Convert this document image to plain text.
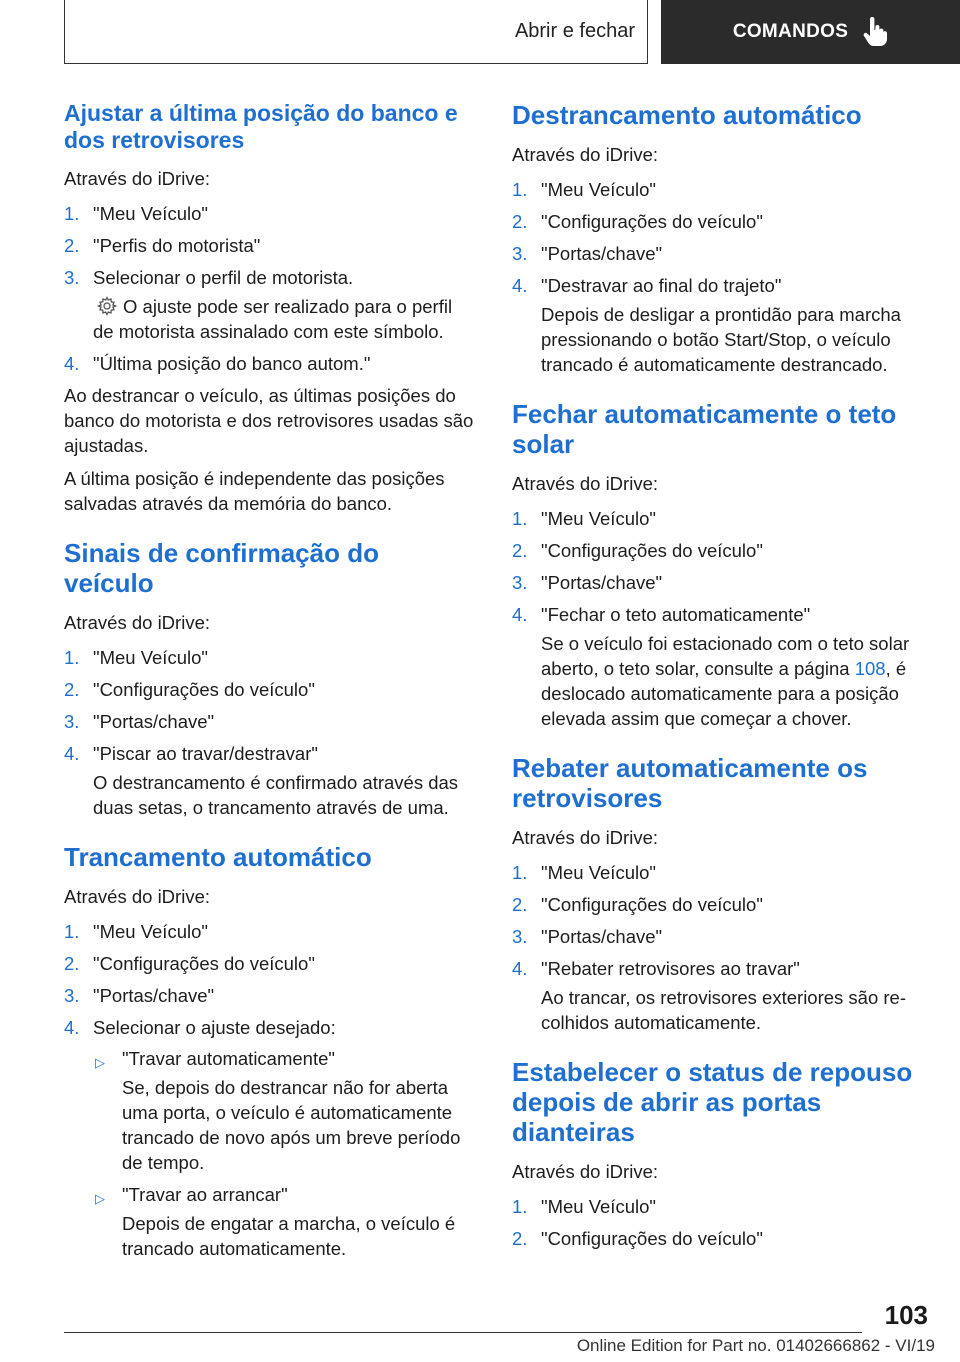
Abrir e fechar	COMANDOS
Ajustar a última posição do banco e dos retrovisores

Através do iDrive:

1. "Meu Veículo"
2. "Perfis do motorista"
3. Selecionar o perfil de motorista.
O ajuste pode ser realizado para o perfil de motorista assinalado com este símbolo.
4. "Última posição do banco autom."

Ao destrancar o veículo, as últimas posições do banco do motorista e dos retrovisores usadas são ajustadas.

A última posição é independente das posições salvadas através da memória do banco.

Sinais de confirmação do veículo

Através do iDrive:

1. "Meu Veículo"
2. "Configurações do veículo"
3. "Portas/chave"
4. "Piscar ao travar/destravar"
O destrancamento é confirmado através das duas setas, o trancamento através de uma.
Trancamento automático

Através do iDrive:

1. "Meu Veículo"
2. "Configurações do veículo"
3. "Portas/chave"
4. Selecionar o ajuste desejado:
▷ "Travar automaticamente"
Se, depois do destrancar não for aberta uma porta, o veículo é automaticamente trancado de novo após um breve período de tempo.
▷ "Travar ao arrancar"
Depois de engatar a marcha, o veículo é trancado automaticamente.
Destrancamento automático

Através do iDrive:

1. "Meu Veículo"
2. "Configurações do veículo"
3. "Portas/chave"
4. "Destravar ao final do trajeto"
Depois de desligar a prontidão para marcha pressionando o botão Start/Stop, o veículo trancado é automaticamente destrancado.
Fechar automaticamente o teto solar

Através do iDrive:

1. "Meu Veículo"
2. "Configurações do veículo"
3. "Portas/chave"
4. "Fechar o teto automaticamente"
Se o veículo foi estacionado com o teto solar aberto, o teto solar, consulte a página 108, é deslocado automaticamente para a posição elevada assim que começar a chover.
Rebater automaticamente os retrovisores

Através do iDrive:

1. "Meu Veículo"
2. "Configurações do veículo"
3. "Portas/chave"
4. "Rebater retrovisores ao travar"
Ao trancar, os retrovisores exteriores são recolhidos automaticamente.
Estabelecer o status de repouso depois de abrir as portas dianteiras

Através do iDrive:

1. "Meu Veículo"
2. "Configurações do veículo"
103
Online Edition for Part no. 01402666862 - VI/19
